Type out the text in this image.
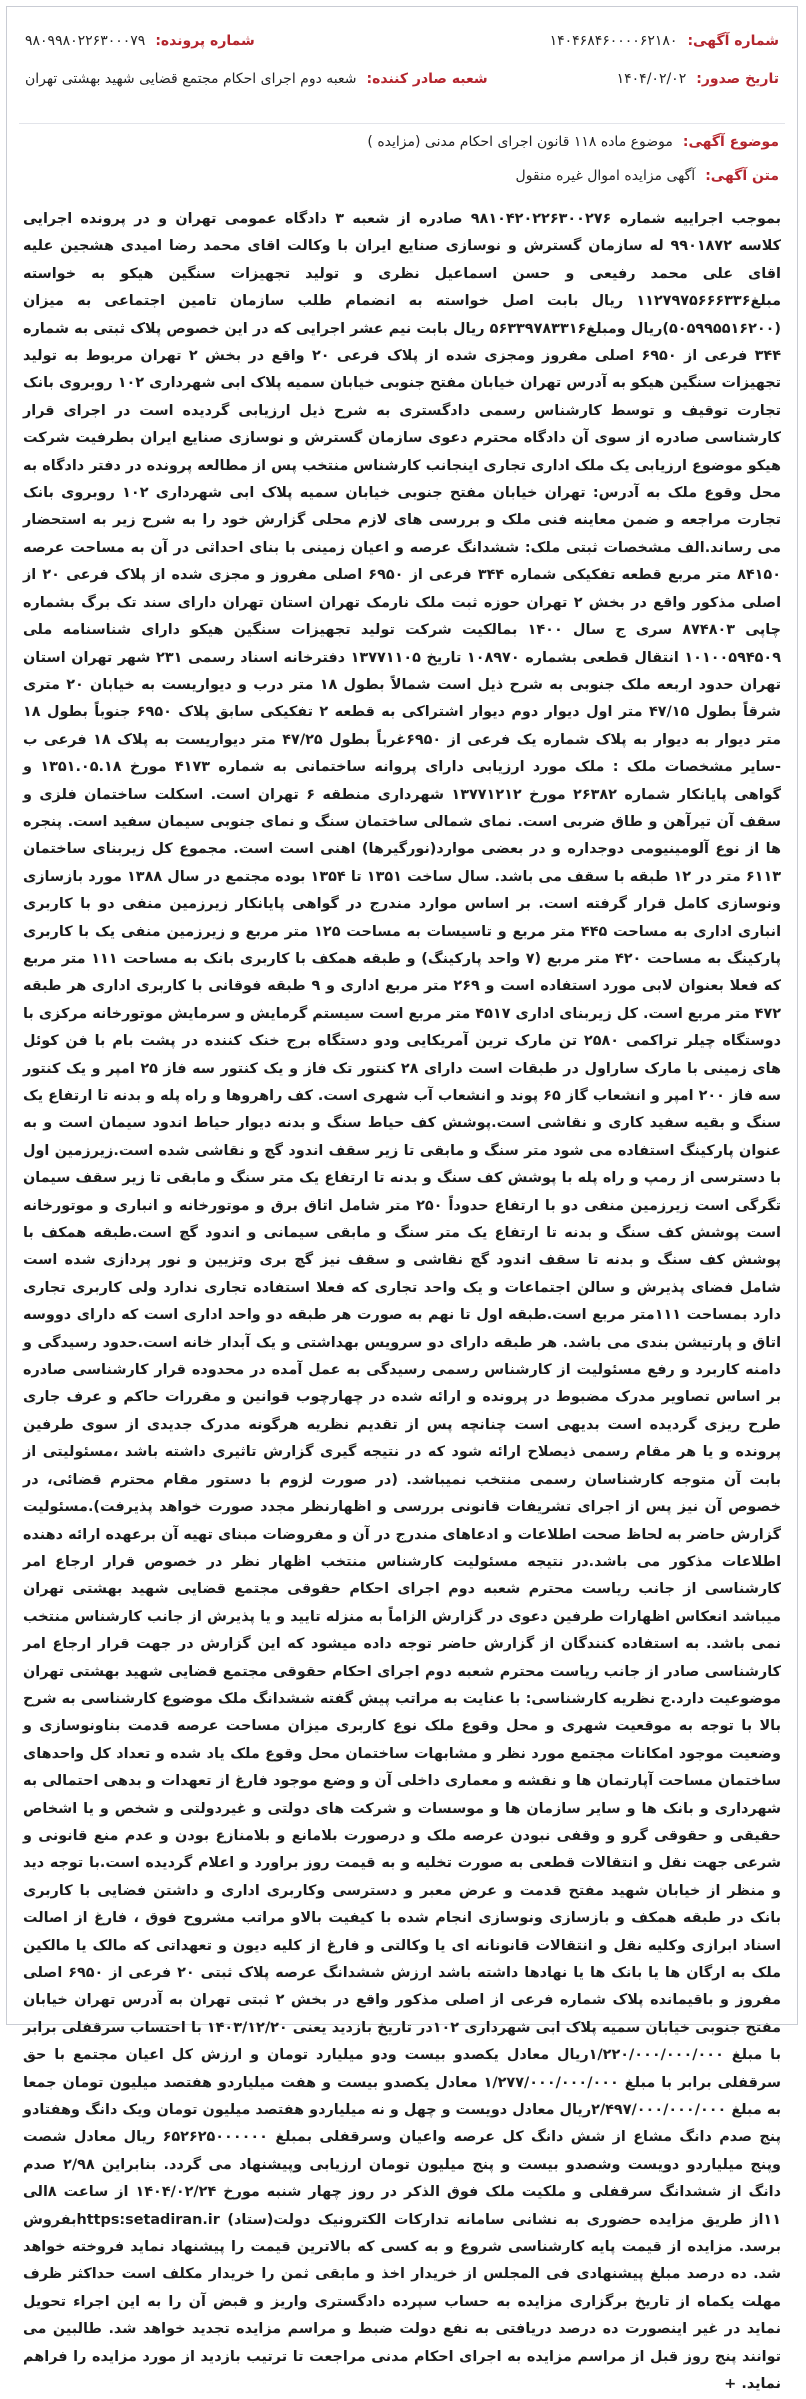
شماره آگهی:
۱۴۰۴۶۸۴۶۰۰۰۰۶۲۱۸۰
شماره پرونده:
۹۸۰۹۹۸۰۲۲۶۳۰۰۰۷۹
تاریخ صدور:
۱۴۰۴/۰۲/۰۲
شعبه صادر کننده:
شعبه دوم اجرای احکام مجتمع قضایی شهید بهشتی تهران
موضوع آگهی:
موضوع ماده ۱۱۸ قانون اجرای احکام مدنی (مزایده )
متن آگهی:
آگهی مزایده اموال غیره منقول

بموجب اجراییه شماره ۹۸۱۰۴۲۰۲۲۶۳۰۰۲۷۶ صادره از شعبه ۳ دادگاه عمومی تهران و در پرونده اجرایی کلاسه ۹۹۰۱۸۷۲ له سازمان گسترش و نوسازی صنایع ایران با وکالت اقای محمد رضا امیدی هشجین علیه اقای علی محمد رفیعی و حسن اسماعیل نظری و تولید تجهیزات سنگین هیکو به خواسته مبلغ۱۱۲۷۹۷۵۶۶۶۳۳۶ ریال بابت اصل خواسته به انضمام طلب سازمان تامین اجتماعی به میزان (۵۰۵۹۹۵۵۱۶۲۰۰)ریال ومبلغ۵۶۳۳۹۷۸۳۳۱۶ ریال بابت نیم عشر اجرایی که در این خصوص پلاک ثبتی به شماره ۳۴۴ فرعی از ۶۹۵۰ اصلی مفروز ومجزی شده از پلاک فرعی ۲۰ واقع در بخش ۲ تهران مربوط به تولید تجهیزات سنگین هیکو به آدرس تهران خیابان مفتح جنوبی خیابان سمیه پلاک ابی شهرداری ۱۰۲ روبروی بانک تجارت توقیف و توسط کارشناس رسمی دادگستری به شرح ذیل ارزیابی گردیده است در اجرای قرار کارشناسی صادره از سوی آن دادگاه محترم دعوی سازمان گسترش و نوسازی صنایع ایران بطرفیت شرکت هیکو موضوع ارزیابی یک ملک اداری تجاری اینجانب کارشناس منتخب پس از مطالعه پرونده در دفتر دادگاه به محل وقوع ملک به آدرس: تهران خیابان مفتح جنوبی خیابان سمیه پلاک ابی شهرداری ۱۰۲ روبروی بانک تجارت مراجعه و ضمن معاینه فنی ملک و بررسی های لازم محلی گزارش خود را به شرح زیر به استحضار می رساند.الف مشخصات ثبتی ملک: ششدانگ عرصه و اعیان زمینی با بنای احداثی در آن به مساحت عرصه ۸۴۱۵۰ متر مربع قطعه تفکیکی شماره ۳۴۴ فرعی از ۶۹۵۰ اصلی مفروز و مجزی شده از پلاک فرعی ۲۰ از اصلی مذکور واقع در بخش ۲ تهران حوزه ثبت ملک نارمک تهران استان تهران دارای سند تک برگ بشماره چاپی ۸۷۴۸۰۳ سری ج سال ۱۴۰۰ بمالکیت شرکت تولید تجهیزات سنگین هیکو دارای شناسنامه ملی ۱۰۱۰۰۵۹۴۵۰۹ انتقال قطعی بشماره ۱۰۸۹۷۰ تاریخ ۱۳۷۷۱۱۰۵ دفترخانه اسناد رسمی ۲۳۱ شهر تهران استان تهران حدود اربعه ملک جنوبی به شرح ذیل است شمالاً بطول ۱۸ متر درب و دیواریست به خیابان ۲۰ متری شرقاً بطول ۴۷/۱۵ متر اول دیوار دوم دیوار اشتراکی به قطعه ۲ تفکیکی سابق پلاک ۶۹۵۰ جنوباً بطول ۱۸ متر دیوار به دیوار به پلاک شماره یک فرعی از ۶۹۵۰غرباً بطول ۴۷/۲۵ متر دیواریست به پلاک ۱۸ فرعی ب -سایر مشخصات ملک : ملک مورد ارزیابی دارای پروانه ساختمانی به شماره ۴۱۷۳ مورخ ۱۳۵۱.۰۵.۱۸ و گواهی پایانکار شماره ۲۶۳۸۲ مورخ ۱۳۷۷۱۲۱۲ شهرداری منطقه ۶ تهران است. اسکلت ساختمان فلزی و سقف آن تیرآهن و طاق ضربی است. نمای شمالی ساختمان سنگ و نمای جنوبی سیمان سفید است. پنجره ها از نوع آلومینیومی دوجداره و در بعضی موارد(نورگیرها) اهنی است است. مجموع کل زیربنای ساختمان ۶۱۱۳ متر در ۱۲ طبقه با سقف می باشد. سال ساخت ۱۳۵۱ تا ۱۳۵۴ بوده مجتمع در سال ۱۳۸۸ مورد بازسازی ونوسازی کامل قرار گرفته است. بر اساس موارد مندرج در گواهی پایانکار زیرزمین منفی دو با کاربری انباری اداری به مساحت ۴۴۵ متر مربع و تاسیسات به مساحت ۱۲۵ متر مربع و زیرزمین منفی یک با کاربری پارکینگ به مساحت ۴۲۰ متر مربع (۷ واحد پارکینگ) و طبقه همکف با کاربری بانک به مساحت ۱۱۱ متر مربع که فعلا بعنوان لابی مورد استفاده است و ۲۶۹ متر مربع اداری و ۹ طبقه فوقانی با کاربری اداری هر طبقه ۴۷۲ متر مربع است. کل زیربنای اداری ۴۵۱۷ متر مربع است سیستم گرمایش و سرمایش موتورخانه مرکزی با دوستگاه چیلر تراکمی ۲۵۸۰ تن مارک ترین آمریکایی ودو دستگاه برج خنک کننده در پشت بام با فن کوئل های زمینی با مارک ساراول در طبقات است دارای ۲۸ کنتور تک فاز و یک کنتور سه فاز ۲۵ امپر و یک کنتور سه فاز ۲۰۰ امپر و انشعاب گاز ۶۵ پوند و انشعاب آب شهری است. کف راهروها و راه پله و بدنه تا ارتفاع یک سنگ و بقیه سفید کاری و نقاشی است.پوشش کف حیاط سنگ و بدنه دیوار حیاط اندود سیمان است و به عنوان پارکینگ استفاده می شود متر سنگ و مابقی تا زیر سقف اندود گچ و نقاشی شده است.زیرزمین اول با دسترسی از رمپ و راه پله با پوشش کف سنگ و بدنه تا ارتفاع یک متر سنگ و مابقی تا زیر سقف سیمان تگرگی است زیرزمین منفی دو با ارتفاع حدوداً ۲۵۰ متر شامل اتاق برق و موتورخانه و انباری و موتورخانه است پوشش کف سنگ و بدنه تا ارتفاع یک متر سنگ و مابقی سیمانی و اندود گچ است.طبقه همکف با پوشش کف سنگ و بدنه تا سقف اندود گچ نقاشی و سقف نیز گچ بری وتزیین و نور پردازی شده است شامل فضای پذیرش و سالن اجتماعات و یک واحد تجاری که فعلا استفاده تجاری ندارد ولی کاربری تجاری دارد بمساحت ۱۱۱متر مربع است.طبقه اول تا نهم به صورت هر طبقه دو واحد اداری است که دارای دووسه اتاق و پارتیشن بندی می باشد. هر طبقه دارای دو سرویس بهداشتی و یک آبدار خانه است.حدود رسیدگی و دامنه کاربرد و رفع مسئولیت از کارشناس رسمی رسیدگی به عمل آمده در محدوده قرار کارشناسی صادره بر اساس تصاویر مدرک مضبوط در پرونده و ارائه شده در چهارچوب قوانین و مقررات حاکم و عرف جاری طرح ریزی گردیده است بدیهی است چنانچه پس از تقدیم نظریه هرگونه مدرک جدیدی از سوی طرفین پرونده و یا هر مقام رسمی ذیصلاح ارائه شود که در نتیجه گیری گزارش تاثیری داشته باشد ،مسئولیتی از بابت آن متوجه کارشناسان رسمی منتخب نمیباشد. (در صورت لزوم با دستور مقام محترم قضائی، در خصوص آن نیز پس از اجرای تشریفات قانونی بررسی و اظهارنظر مجدد صورت خواهد پذیرفت).مسئولیت گزارش حاضر به لحاظ صحت اطلاعات و ادعاهای مندرج در آن و مفروضات مبنای تهیه آن برعهده ارائه دهنده اطلاعات مذکور می باشد.در نتیجه مسئولیت کارشناس منتخب اظهار نظر در خصوص قرار ارجاع امر کارشناسی از جانب ریاست محترم شعبه دوم اجرای احکام حقوقی مجتمع قضایی شهید بهشتی تهران میباشد انعکاس اظهارات طرفین دعوی در گزارش الزاماً به منزله تایید و یا پذیرش از جانب کارشناس منتخب نمی باشد. به استفاده کنندگان از گزارش حاضر توجه داده میشود که این گزارش در جهت قرار ارجاع امر کارشناسی صادر از جانب ریاست محترم شعبه دوم اجرای احکام حقوقی مجتمع قضایی شهید بهشتی تهران موضوعیت دارد.ج نظریه کارشناسی: با عنایت به مراتب پیش گفته ششدانگ ملک موضوع کارشناسی به شرح بالا با توجه به موقعیت شهری و محل وقوع ملک نوع کاربری میزان مساحت عرصه قدمت بناونوسازی و وضعیت موجود امکانات مجتمع مورد نظر و مشابهات ساختمان محل وقوع ملک یاد شده و تعداد کل واحدهای ساختمان مساحت آپارتمان ها و نقشه و معماری داخلی آن و وضع موجود فارغ از تعهدات و بدهی احتمالی به شهرداری و بانک ها و سایر سازمان ها و موسسات و شرکت های دولتی و غیردولتی و شخص و یا اشخاص حقیقی و حقوقی گرو و وقفی نبودن عرصه ملک و درصورت بلامانع و بلامنازع بودن و عدم منع قانونی و شرعی جهت نقل و انتقالات قطعی به صورت تخلیه و به قیمت روز براورد و اعلام گردیده است.با توجه دید و منظر از خیابان شهید مفتح قدمت و عرض معبر و دسترسی وکاربری اداری و داشتن فضایی با کاربری بانک در طبقه همکف و بازسازی ونوسازی انجام شده با کیفیت بالاو مراتب مشروح فوق ، فارغ از اصالت اسناد ابرازی وکلیه نقل و انتقالات قانونانه ای یا وکالتی و فارغ از کلیه دیون و تعهداتی که مالک یا مالکین ملک به ارگان ها یا بانک ها یا نهادها داشته باشد ارزش ششدانگ عرصه پلاک ثبتی ۲۰ فرعی از ۶۹۵۰ اصلی مفروز و باقیمانده پلاک شماره فرعی از اصلی مذکور واقع در بخش ۲ ثبتی تهران به آدرس تهران خیابان مفتح جنوبی خیابان سمیه پلاک ابی شهرداری ۱۰۲در تاریخ بازدید یعنی ۱۴۰۳/۱۲/۲۰ با احتساب سرقفلی برابر با مبلغ ۱/۲۲۰/۰۰۰/۰۰۰/۰۰۰ریال معادل یکصدو بیست ودو میلیارد تومان و ارزش کل اعیان مجتمع با حق سرقفلی برابر با مبلغ ۱/۲۷۷/۰۰۰/۰۰۰/۰۰۰ معادل یکصدو بیست و هفت میلیاردو هفتصد میلیون تومان جمعا به مبلغ ۲/۴۹۷/۰۰۰/۰۰۰/۰۰۰ریال معادل دویست و چهل و نه میلیاردو هفتصد میلیون تومان ویک دانگ وهفتادو پنج صدم دانگ مشاع از شش دانگ کل عرصه واعیان وسرقفلی بمبلغ ۶۵۲۶۲۵۰۰۰۰۰۰ ریال معادل شصت وپنج میلیاردو دویست وشصدو بیست و پنج میلیون تومان ارزیابی وپیشنهاد می گردد. بنابراین ۲/۹۸ صدم دانگ از ششدانگ سرقفلی و ملکیت ملک فوق الذکر در روز چهار شنبه مورخ ۱۴۰۴/۰۲/۲۴ از ساعت ۸الی ۱۱از طریق مزایده حضوری به نشانی سامانه تدارکات الکترونیک دولت(ستاد) https:setadiran.irبفروش برسد. مزایده از قیمت پایه کارشناسی شروع و به کسی که بالاترین قیمت را پیشنهاد نماید فروخته خواهد شد. ده درصد مبلغ پیشنهادی فی المجلس از خریدار اخذ و مابقی ثمن را خریدار مکلف است حداکثر ظرف مهلت یکماه از تاریخ برگزاری مزایده به حساب سپرده دادگستری واریز و قبض آن را به این اجراء تحویل نماید در غیر اینصورت ده درصد دریافتی به نفع دولت ضبط و مراسم مزایده تجدید خواهد شد. طالبین می توانند پنج روز قبل از مراسم مزایده به اجرای احکام مدنی مراجعت تا ترتیب بازدید از مورد مزایده را فراهم نماید. +
